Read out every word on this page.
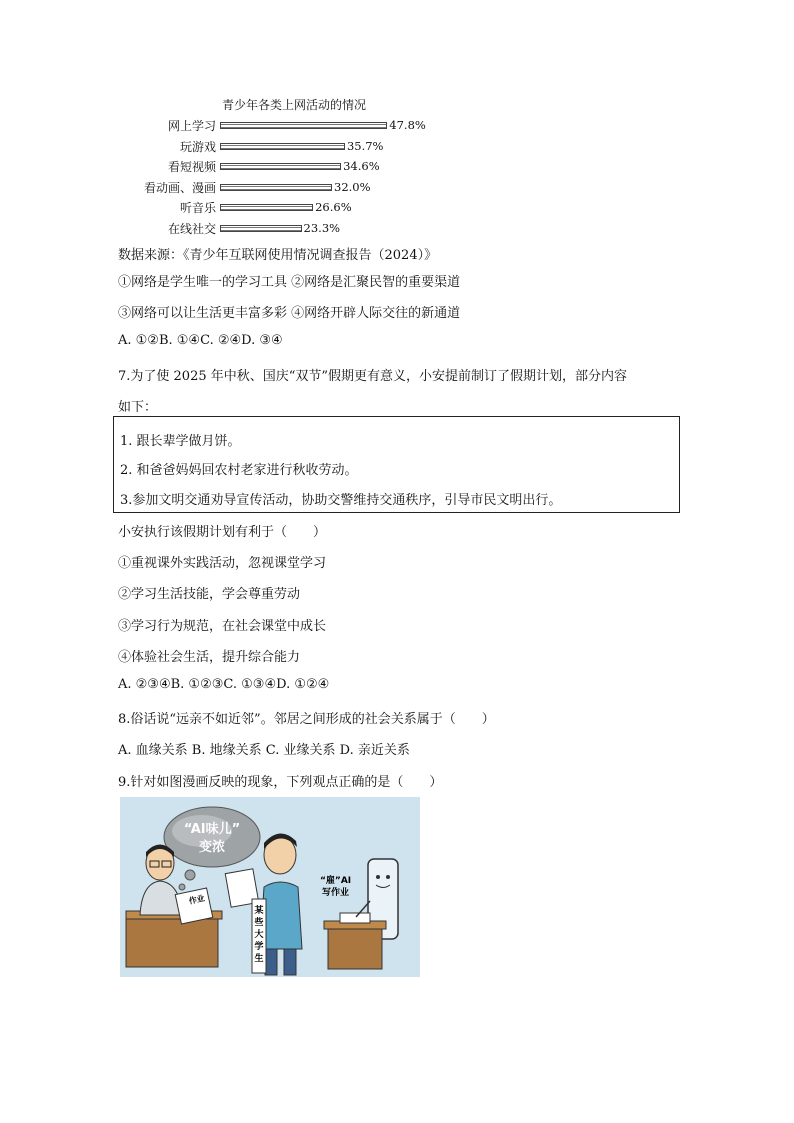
青少年各类上网活动的情况
网上学习	47.8%
玩游戏	35.7%
看短视频	34.6%
看动画、漫画	32.0%
听音乐	26.6%
在线社交	23.3%
数据来源：《青少年互联网使用情况调查报告（2024）》
①网络是学生唯一的学习工具 ②网络是汇聚民智的重要渠道
③网络可以让生活更丰富多彩 ④网络开辟人际交往的新通道
A. ①②B. ①④C. ②④D. ③④
7.为了使 2025 年中秋、国庆“双节”假期更有意义，小安提前制订了假期计划，部分内容
如下：
1. 跟长辈学做月饼。
2. 和爸爸妈妈回农村老家进行秋收劳动。
3.参加文明交通劝导宣传活动，协助交警维持交通秩序，引导市民文明出行。
小安执行该假期计划有利于（　　）
①重视课外实践活动，忽视课堂学习
②学习生活技能，学会尊重劳动
③学习行为规范，在社会课堂中成长
④体验社会生活，提升综合能力
A. ②③④B. ①②③C. ①③④D. ①②④
8.俗话说“远亲不如近邻”。邻居之间形成的社会关系属于（　　）
A. 血缘关系 B. 地缘关系 C. 业缘关系 D. 亲近关系
9.针对如图漫画反映的现象，下列观点正确的是（　　）
“AI味儿”
变浓
作业
某
些
大
学
生
“雇”AI
写作业
